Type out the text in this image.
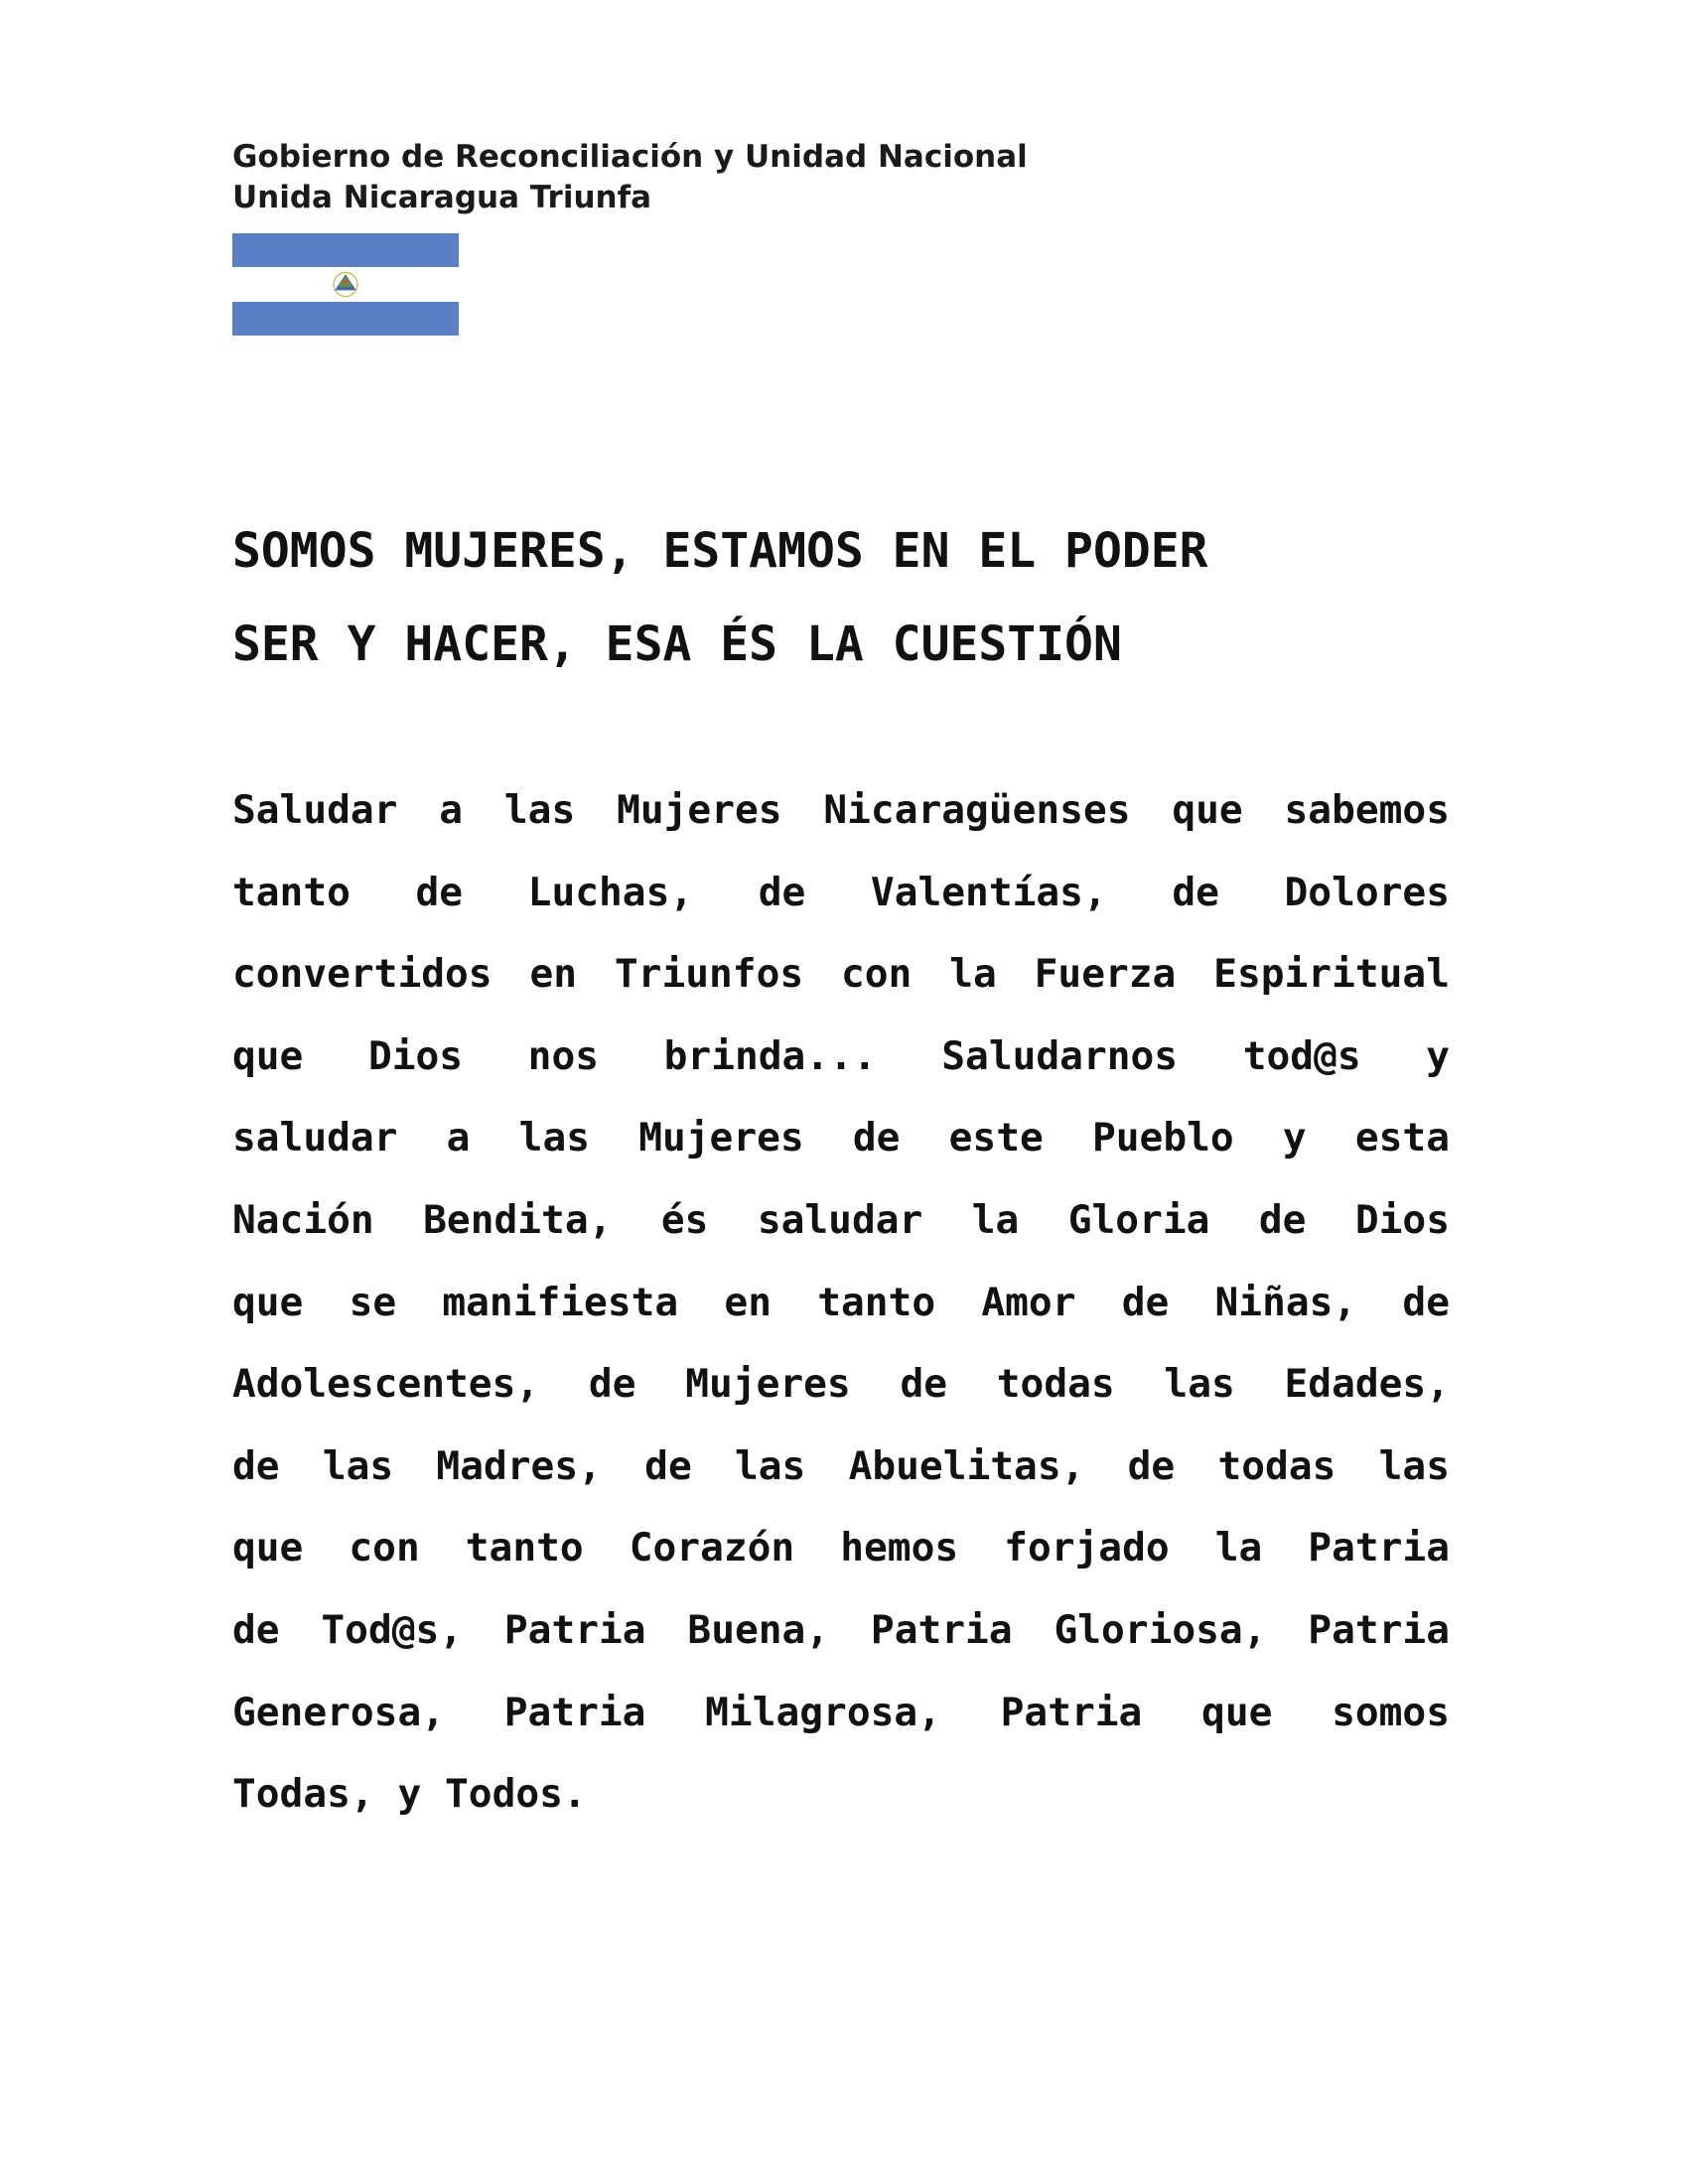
Gobierno de Reconciliación y Unidad Nacional
Unida Nicaragua Triunfa
SOMOS MUJERES, ESTAMOS EN EL PODER
SER Y HACER, ESA ÉS LA CUESTIÓN
Saludar a las Mujeres Nicaragüenses que sabemos
tanto de Luchas, de Valentías, de Dolores
convertidos en Triunfos con la Fuerza Espiritual
que Dios nos brinda... Saludarnos tod@s y
saludar a las Mujeres de este Pueblo y esta
Nación Bendita, és saludar la Gloria de Dios
que se manifiesta en tanto Amor de Niñas, de
Adolescentes, de Mujeres de todas las Edades,
de las Madres, de las Abuelitas, de todas las
que con tanto Corazón hemos forjado la Patria
de Tod@s, Patria Buena, Patria Gloriosa, Patria
Generosa, Patria Milagrosa, Patria que somos
Todas, y Todos.
